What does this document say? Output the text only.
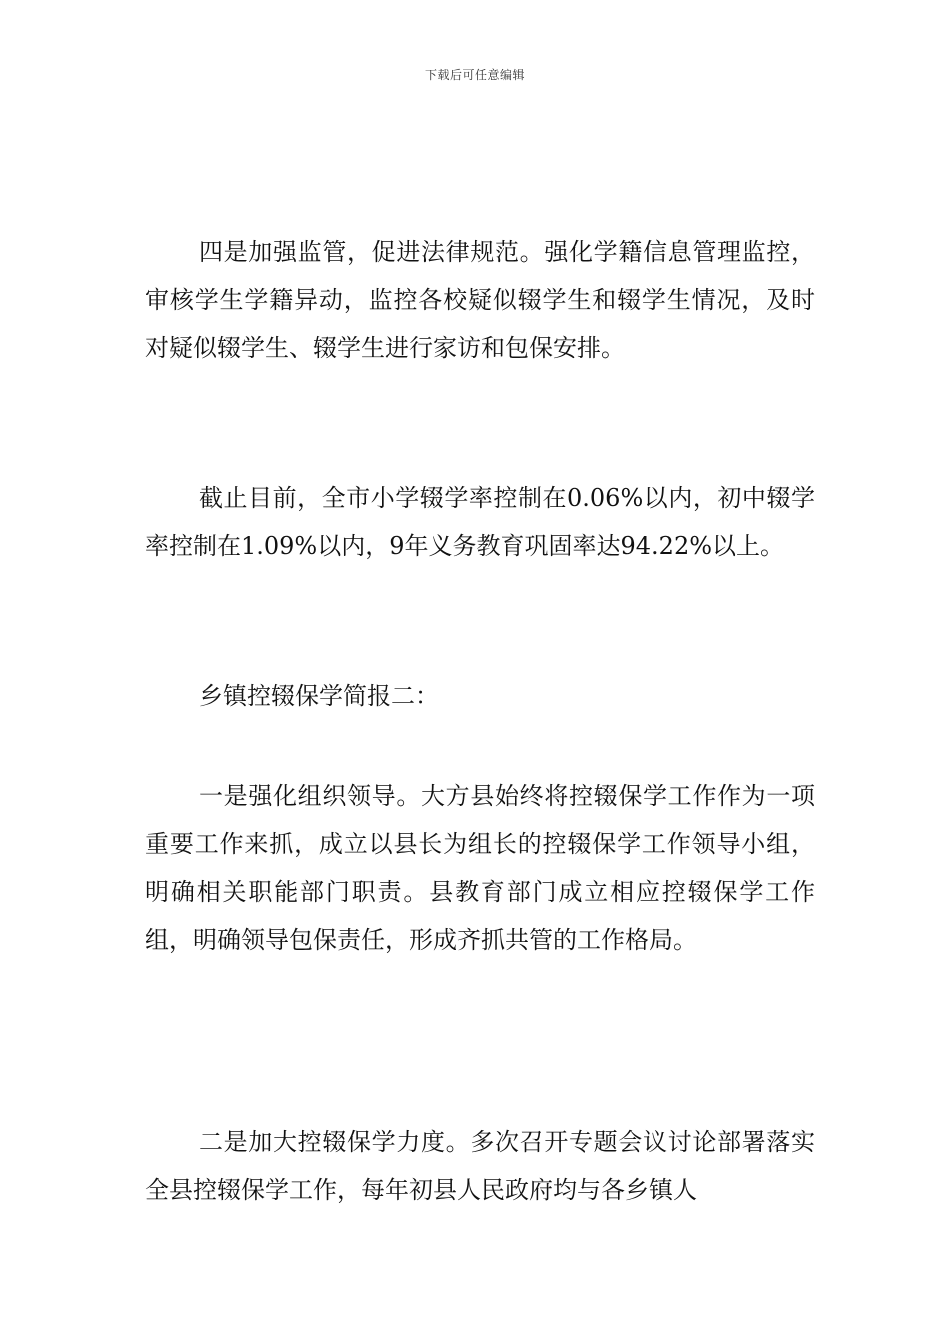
下载后可任意编辑

四是加强监管，促进法律规范。强化学籍信息管理监控，审核学生学籍异动，监控各校疑似辍学生和辍学生情况，及时对疑似辍学生、辍学生进行家访和包保安排。

截止目前，全市小学辍学率控制在0.06%以内，初中辍学率控制在1.09%以内，9年义务教育巩固率达94.22%以上。

乡镇控辍保学简报二：

一是强化组织领导。大方县始终将控辍保学工作作为一项重要工作来抓，成立以县长为组长的控辍保学工作领导小组，明确相关职能部门职责。县教育部门成立相应控辍保学工作组，明确领导包保责任，形成齐抓共管的工作格局。

二是加大控辍保学力度。多次召开专题会议讨论部署落实全县控辍保学工作，每年初县人民政府均与各乡镇人
